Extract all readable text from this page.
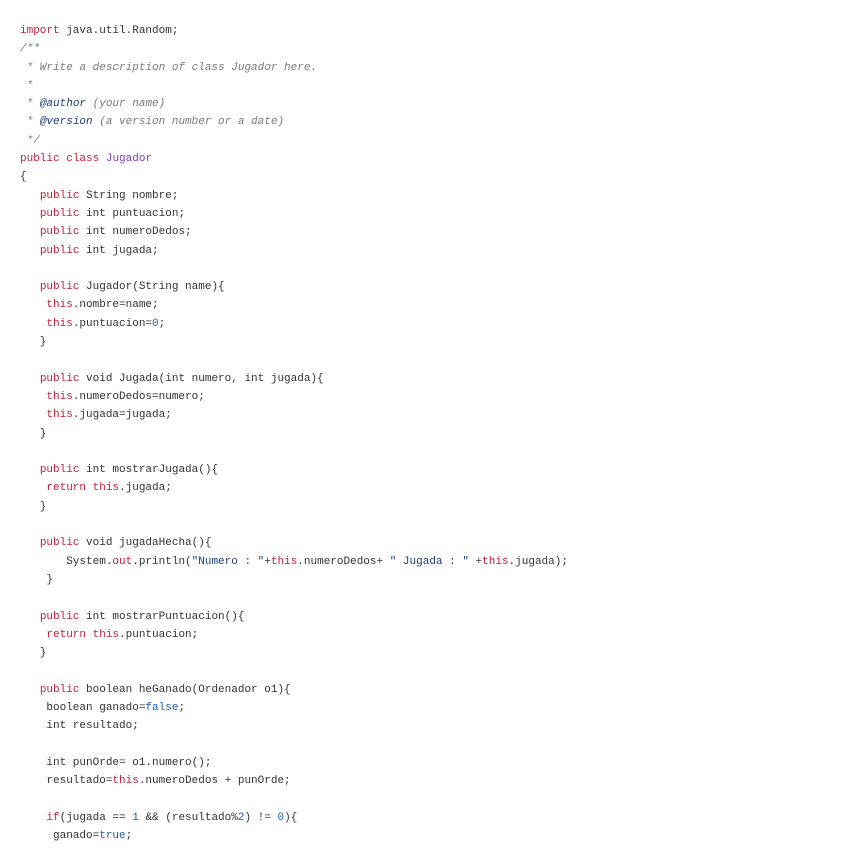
import java.util.Random;
/**
* Write a description of class Jugador here.
*
* @author (your name)
* @version (a version number or a date)
*/
public class Jugador
{
public String nombre;
public int puntuacion;
public int numeroDedos;
public int jugada;
public Jugador(String name){
this.nombre=name;
this.puntuacion=0;
}
public void Jugada(int numero, int jugada){
this.numeroDedos=numero;
this.jugada=jugada;
}
public int mostrarJugada(){
return this.jugada;
}
public void jugadaHecha(){
System.out.println("Numero : "+this.numeroDedos+ " Jugada : " +this.jugada);
}
public int mostrarPuntuacion(){
return this.puntuacion;
}
public boolean heGanado(Ordenador o1){
boolean ganado=false;
int resultado;
int punOrde= o1.numero();
resultado=this.numeroDedos + punOrde;
if(jugada == 1 && (resultado%2) != 0){
ganado=true;
